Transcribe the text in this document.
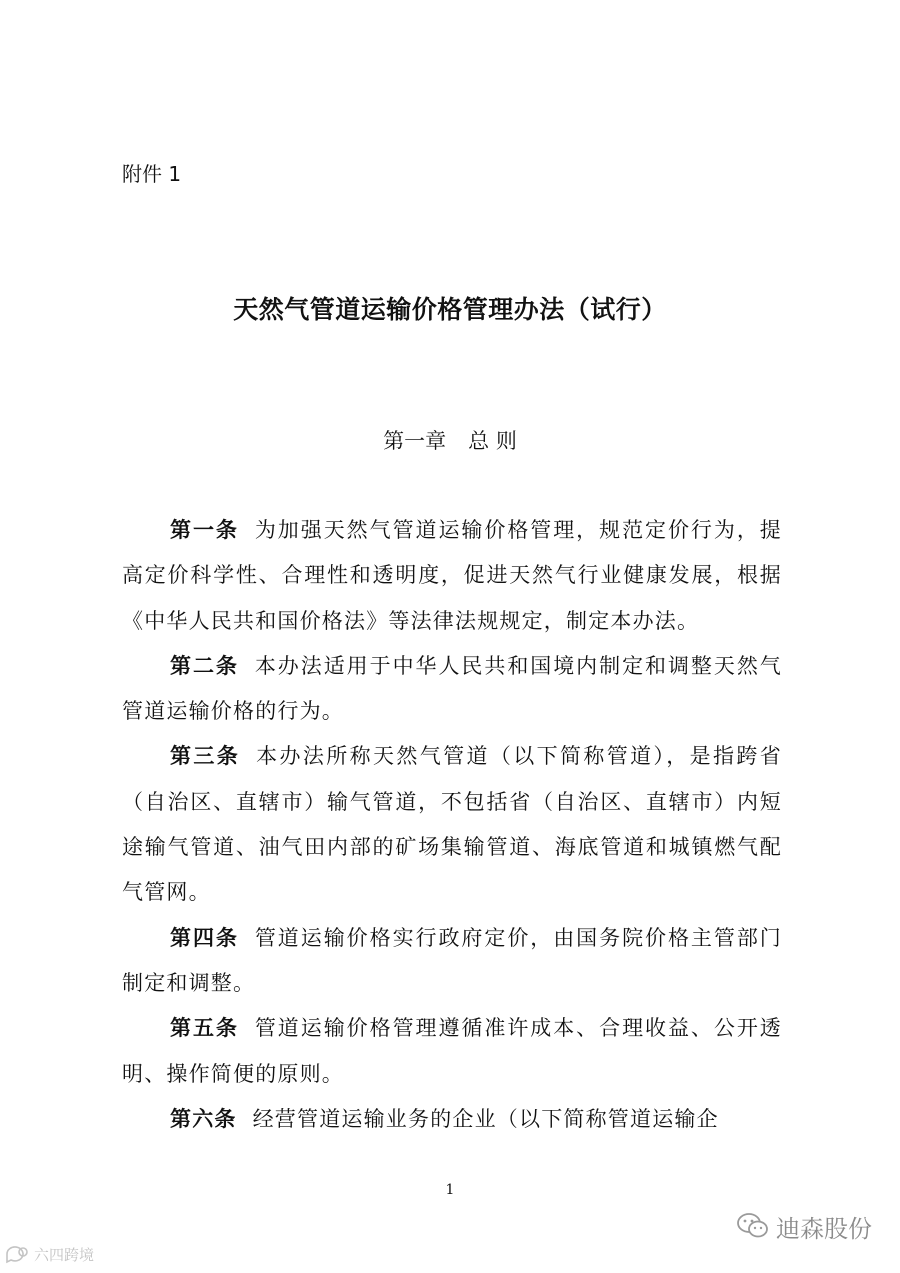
附件 1
天然气管道运输价格管理办法（试行）
第一章 总 则

第一条 为加强天然气管道运输价格管理，规范定价行为，提高定价科学性、合理性和透明度，促进天然气行业健康发展，根据《中华人民共和国价格法》等法律法规规定，制定本办法。

第二条 本办法适用于中华人民共和国境内制定和调整天然气管道运输价格的行为。

第三条 本办法所称天然气管道（以下简称管道），是指跨省（自治区、直辖市）输气管道，不包括省（自治区、直辖市）内短途输气管道、油气田内部的矿场集输管道、海底管道和城镇燃气配气管网。

第四条 管道运输价格实行政府定价，由国务院价格主管部门制定和调整。

第五条 管道运输价格管理遵循准许成本、合理收益、公开透明、操作简便的原则。

第六条 经营管道运输业务的企业（以下简称管道运输企

1
迪森股份
六四跨境
